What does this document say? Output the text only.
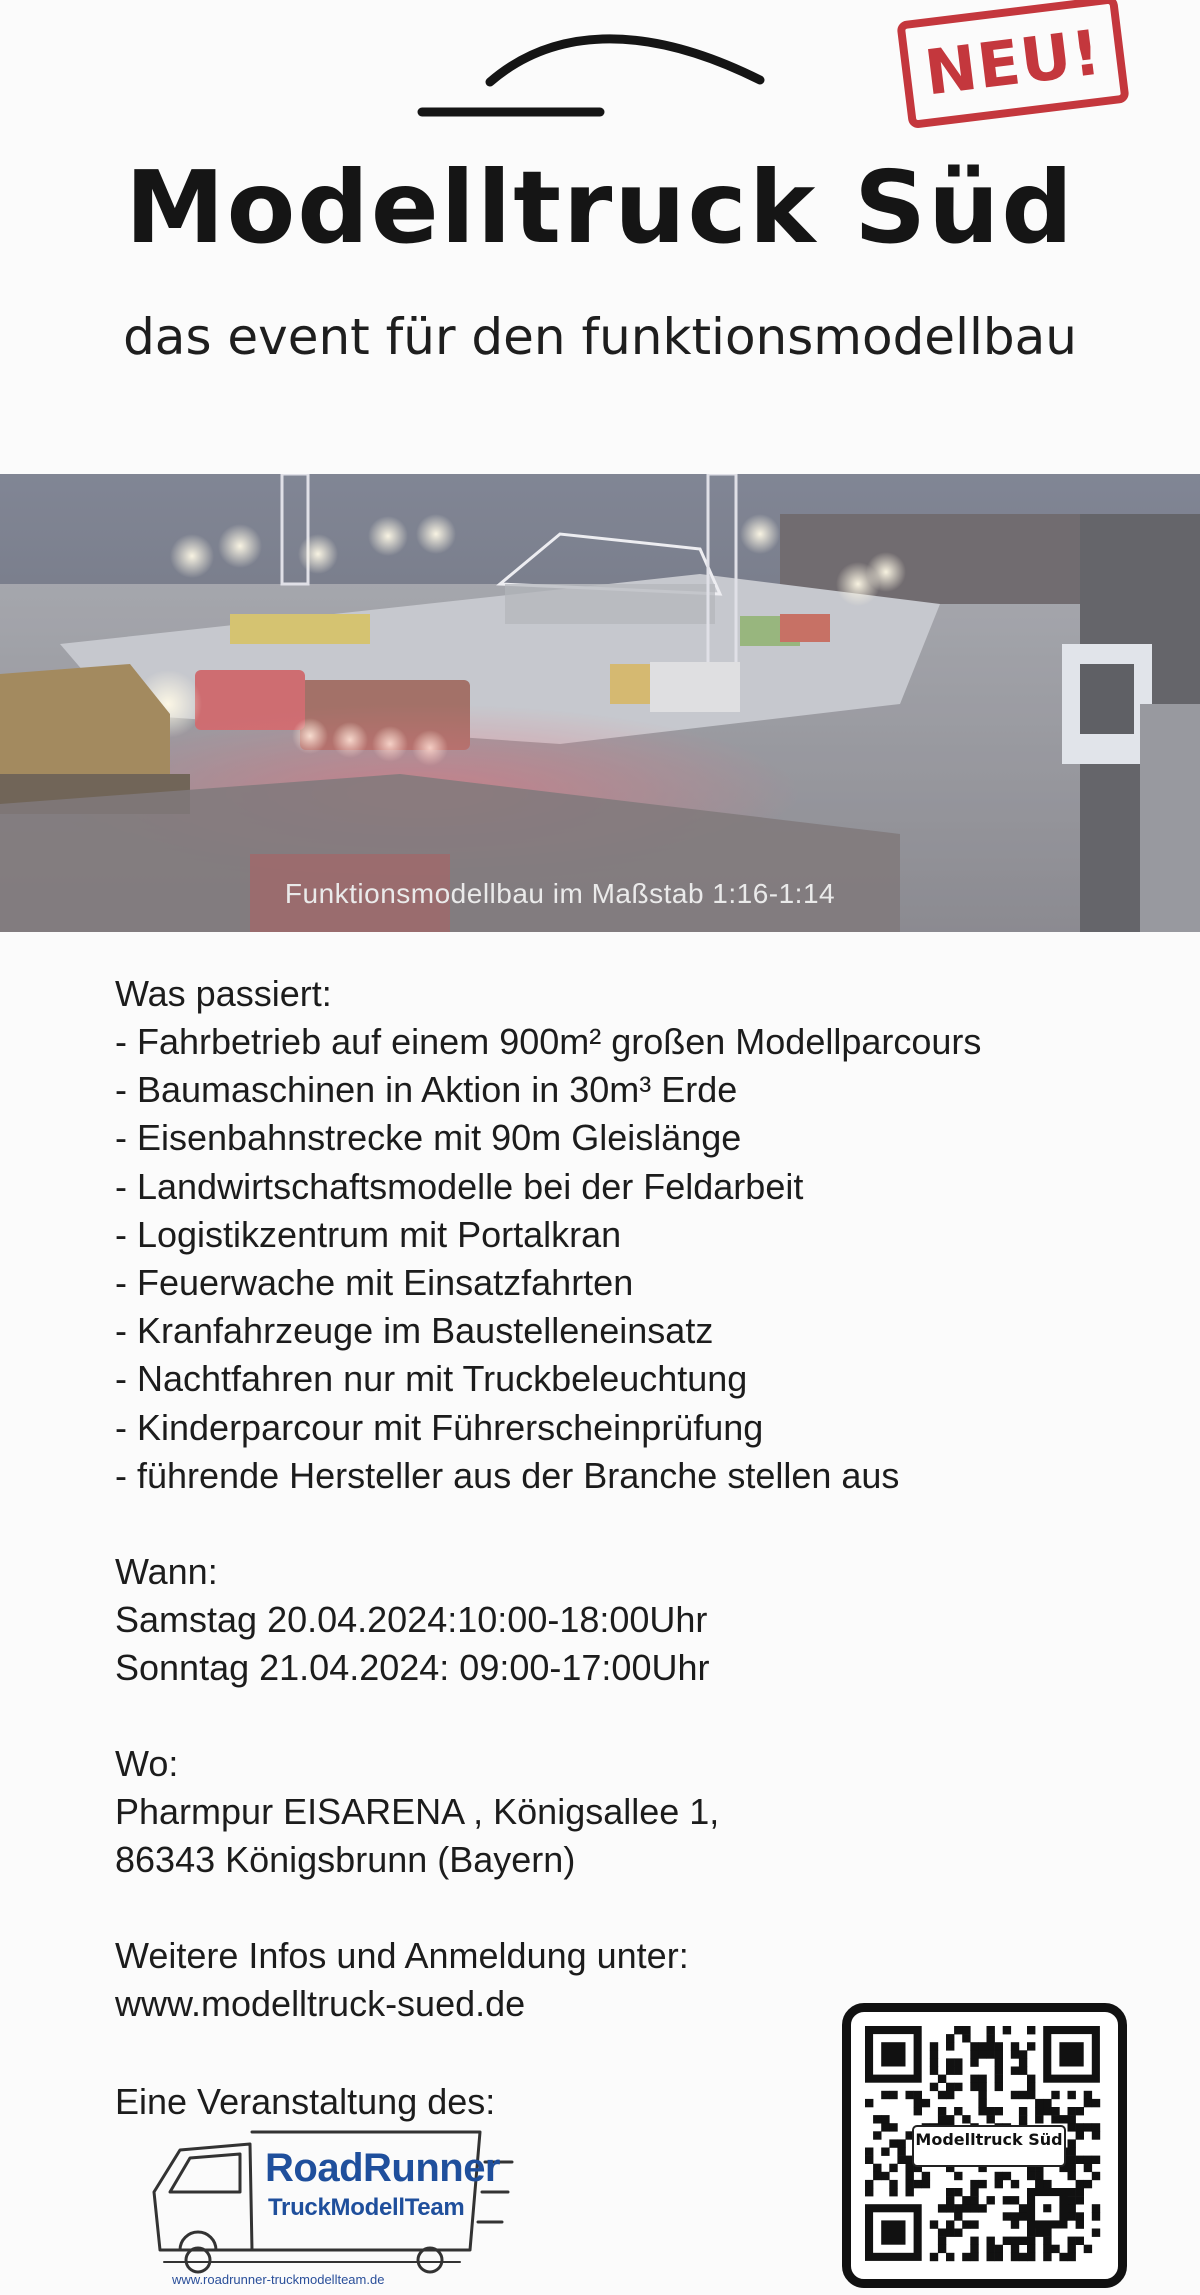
NEU!
Modelltruck Süd
das event für den funktionsmodellbau
Funktionsmodellbau im Maßstab 1:16-1:14
Was passiert:
- Fahrbetrieb auf einem 900m² großen Modellparcours
- Baumaschinen in Aktion in 30m³ Erde
- Eisenbahnstrecke mit 90m Gleislänge
- Landwirtschaftsmodelle bei der Feldarbeit
- Logistikzentrum mit Portalkran
- Feuerwache mit Einsatzfahrten
- Kranfahrzeuge im Baustelleneinsatz
- Nachtfahren nur mit Truckbeleuchtung
- Kinderparcour mit Führerscheinprüfung
- führende Hersteller aus der Branche stellen aus
Wann:
Samstag 20.04.2024:10:00-18:00Uhr
Sonntag 21.04.2024: 09:00-17:00Uhr
Wo:
Pharmpur EISARENA , Königsallee 1,
86343 Königsbrunn (Bayern)
Weitere Infos und Anmeldung unter:
www.modelltruck-sued.de
Eine Veranstaltung des:
RoadRunner
TruckModellTeam
www.roadrunner-truckmodellteam.de
Modelltruck Süd
